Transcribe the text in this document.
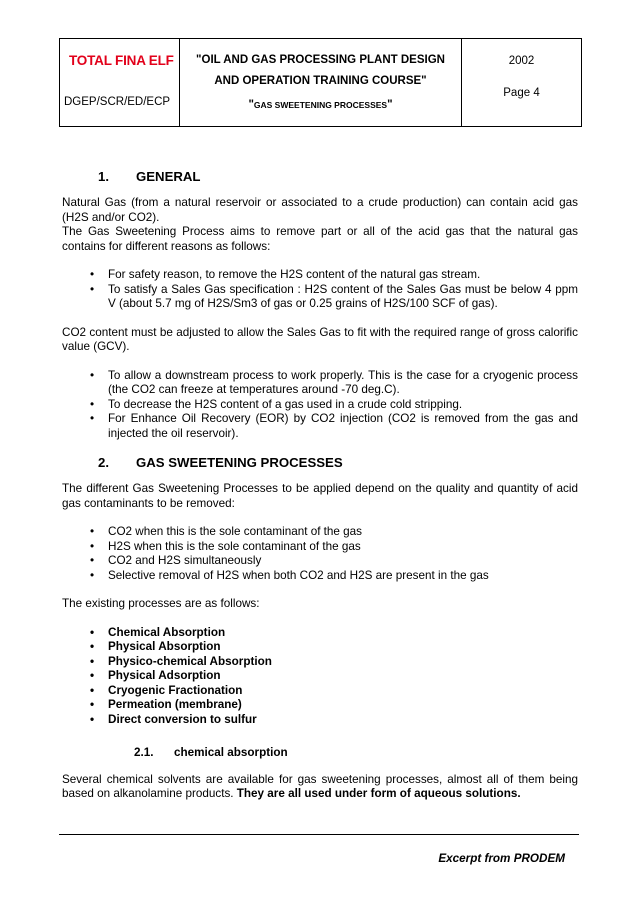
TOTAL FINA ELF
DGEP/SCR/ED/ECP
"OIL AND GAS PROCESSING PLANT DESIGN
AND OPERATION TRAINING COURSE"
"GAS SWEETENING PROCESSES"
2002
Page 4
1. GENERAL

Natural Gas (from a natural reservoir or associated to a crude production) can contain acid gas (H2S and/or CO2).

The Gas Sweetening Process aims to remove part or all of the acid gas that the natural gas contains for different reasons as follows:

• For safety reason, to remove the H2S content of the natural gas stream.
• To satisfy a Sales Gas specification : H2S content of the Sales Gas must be below 4 ppm V (about 5.7 mg of H2S/Sm3 of gas or 0.25 grains of H2S/100 SCF of gas).

CO2 content must be adjusted to allow the Sales Gas to fit with the required range of gross calorific value (GCV).

• To allow a downstream process to work properly. This is the case for a cryogenic process (the CO2 can freeze at temperatures around -70 deg.C).
• To decrease the H2S content of a gas used in a crude cold stripping.
• For Enhance Oil Recovery (EOR) by CO2 injection (CO2 is removed from the gas and injected the oil reservoir).
2. GAS SWEETENING PROCESSES

The different Gas Sweetening Processes to be applied depend on the quality and quantity of acid gas contaminants to be removed:

• CO2 when this is the sole contaminant of the gas
• H2S when this is the sole contaminant of the gas
• CO2 and H2S simultaneously
• Selective removal of H2S when both CO2 and H2S are present in the gas

The existing processes are as follows:

• Chemical Absorption
• Physical Absorption
• Physico-chemical Absorption
• Physical Adsorption
• Cryogenic Fractionation
• Permeation (membrane)
• Direct conversion to sulfur
2.1. chemical absorption

Several chemical solvents are available for gas sweetening processes, almost all of them being based on alkanolamine products. They are all used under form of aqueous solutions.

Excerpt from PRODEM
